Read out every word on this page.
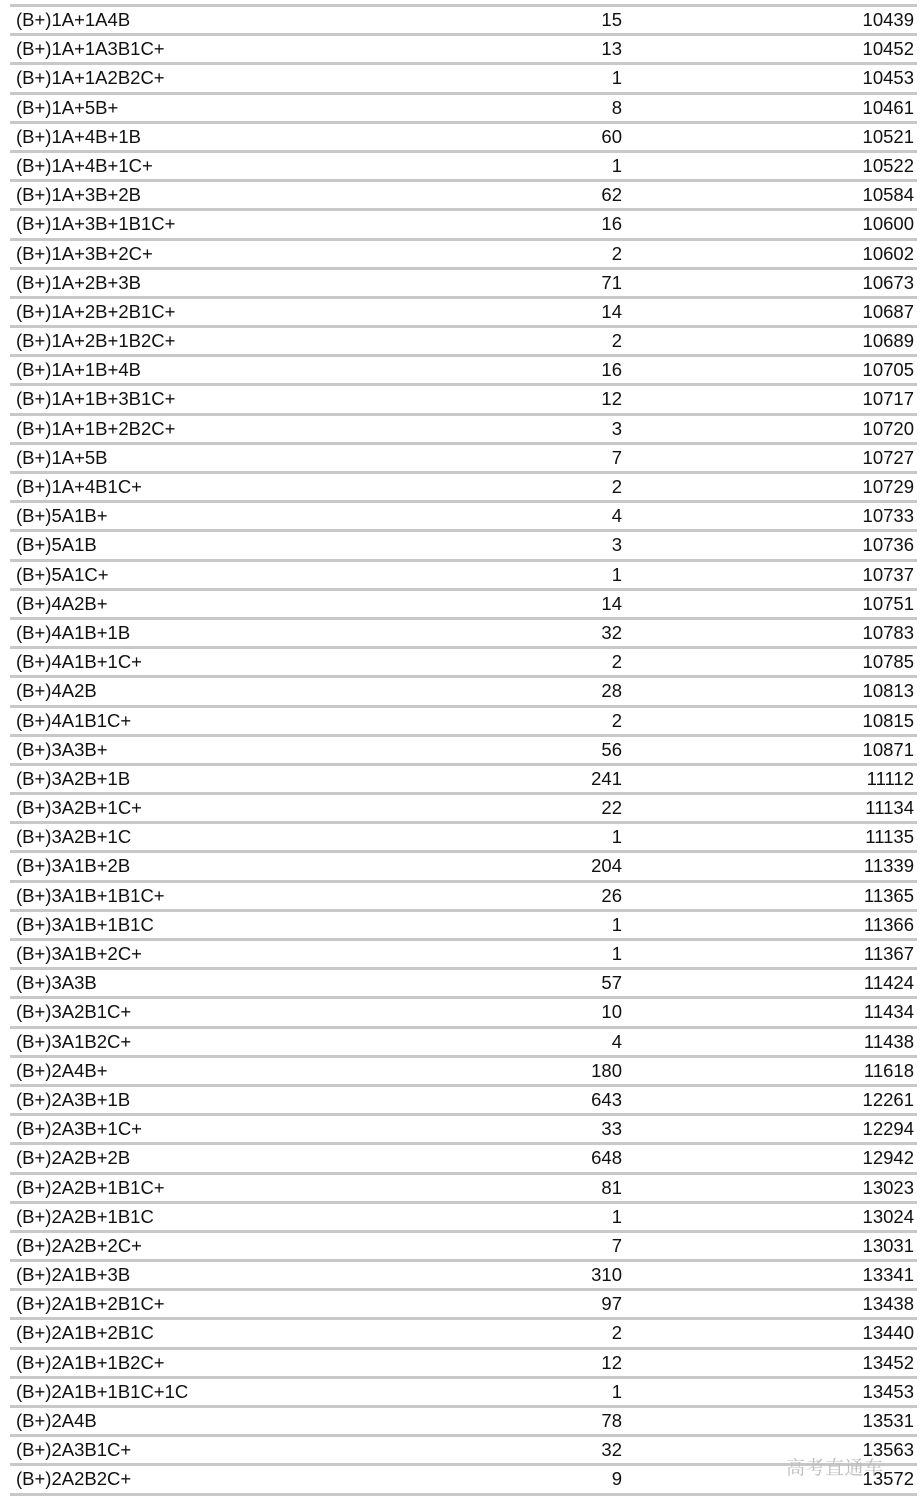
(B+)1A+1A4B	15	10439
(B+)1A+1A3B1C+	13	10452
(B+)1A+1A2B2C+	1	10453
(B+)1A+5B+	8	10461
(B+)1A+4B+1B	60	10521
(B+)1A+4B+1C+	1	10522
(B+)1A+3B+2B	62	10584
(B+)1A+3B+1B1C+	16	10600
(B+)1A+3B+2C+	2	10602
(B+)1A+2B+3B	71	10673
(B+)1A+2B+2B1C+	14	10687
(B+)1A+2B+1B2C+	2	10689
(B+)1A+1B+4B	16	10705
(B+)1A+1B+3B1C+	12	10717
(B+)1A+1B+2B2C+	3	10720
(B+)1A+5B	7	10727
(B+)1A+4B1C+	2	10729
(B+)5A1B+	4	10733
(B+)5A1B	3	10736
(B+)5A1C+	1	10737
(B+)4A2B+	14	10751
(B+)4A1B+1B	32	10783
(B+)4A1B+1C+	2	10785
(B+)4A2B	28	10813
(B+)4A1B1C+	2	10815
(B+)3A3B+	56	10871
(B+)3A2B+1B	241	11112
(B+)3A2B+1C+	22	11134
(B+)3A2B+1C	1	11135
(B+)3A1B+2B	204	11339
(B+)3A1B+1B1C+	26	11365
(B+)3A1B+1B1C	1	11366
(B+)3A1B+2C+	1	11367
(B+)3A3B	57	11424
(B+)3A2B1C+	10	11434
(B+)3A1B2C+	4	11438
(B+)2A4B+	180	11618
(B+)2A3B+1B	643	12261
(B+)2A3B+1C+	33	12294
(B+)2A2B+2B	648	12942
(B+)2A2B+1B1C+	81	13023
(B+)2A2B+1B1C	1	13024
(B+)2A2B+2C+	7	13031
(B+)2A1B+3B	310	13341
(B+)2A1B+2B1C+	97	13438
(B+)2A1B+2B1C	2	13440
(B+)2A1B+1B2C+	12	13452
(B+)2A1B+1B1C+1C	1	13453
(B+)2A4B	78	13531
(B+)2A3B1C+	32	13563
(B+)2A2B2C+	9	13572
高考直通车
